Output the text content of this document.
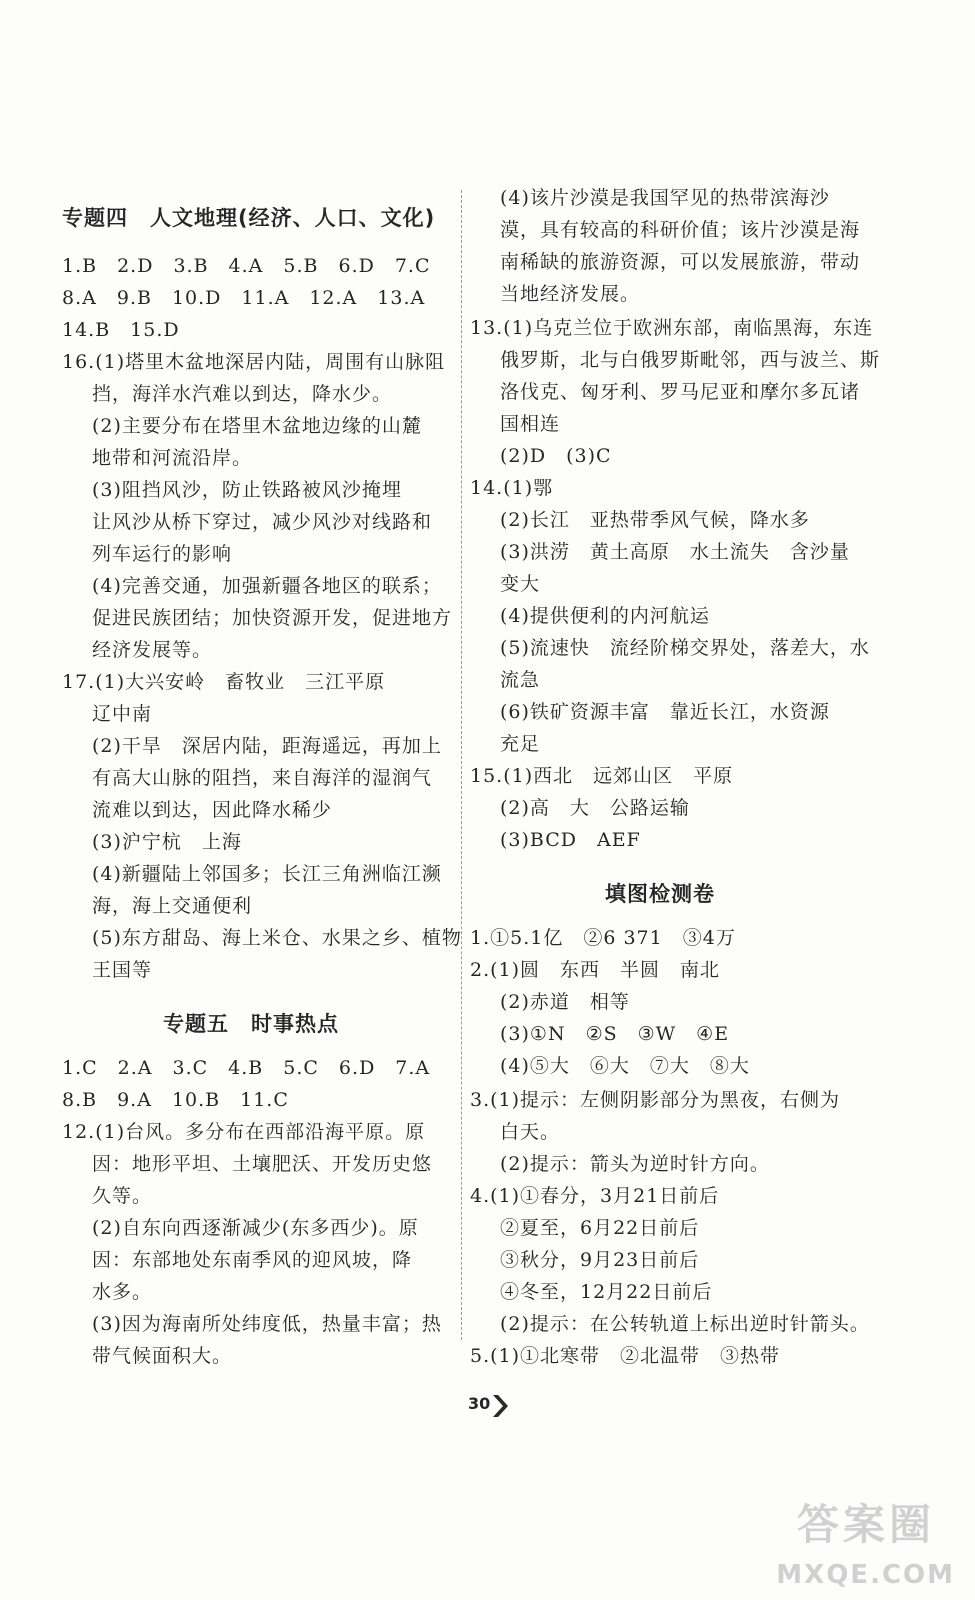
专题四　人文地理(经济、人口、文化)
1.B　2.D　3.B　4.A　5.B　6.D　7.C
8.A　9.B　10.D　11.A　12.A　13.A
14.B　15.D
16.(1)塔里木盆地深居内陆，周围有山脉阻
挡，海洋水汽难以到达，降水少。
(2)主要分布在塔里木盆地边缘的山麓
地带和河流沿岸。
(3)阻挡风沙，防止铁路被风沙掩埋
让风沙从桥下穿过，减少风沙对线路和
列车运行的影响
(4)完善交通，加强新疆各地区的联系；
促进民族团结；加快资源开发，促进地方
经济发展等。
17.(1)大兴安岭　畜牧业　三江平原
辽中南
(2)干旱　深居内陆，距海遥远，再加上
有高大山脉的阻挡，来自海洋的湿润气
流难以到达，因此降水稀少
(3)沪宁杭　上海
(4)新疆陆上邻国多；长江三角洲临江濒
海，海上交通便利
(5)东方甜岛、海上米仓、水果之乡、植物
王国等
专题五　时事热点
1.C　2.A　3.C　4.B　5.C　6.D　7.A
8.B　9.A　10.B　11.C
12.(1)台风。多分布在西部沿海平原。原
因：地形平坦、土壤肥沃、开发历史悠
久等。
(2)自东向西逐渐减少(东多西少)。原
因：东部地处东南季风的迎风坡，降
水多。
(3)因为海南所处纬度低，热量丰富；热
带气候面积大。
(4)该片沙漠是我国罕见的热带滨海沙
漠，具有较高的科研价值；该片沙漠是海
南稀缺的旅游资源，可以发展旅游，带动
当地经济发展。
13.(1)乌克兰位于欧洲东部，南临黑海，东连
俄罗斯，北与白俄罗斯毗邻，西与波兰、斯
洛伐克、匈牙利、罗马尼亚和摩尔多瓦诸
国相连
(2)D　(3)C
14.(1)鄂
(2)长江　亚热带季风气候，降水多
(3)洪涝　黄土高原　水土流失　含沙量
变大
(4)提供便利的内河航运
(5)流速快　流经阶梯交界处，落差大，水
流急
(6)铁矿资源丰富　靠近长江，水资源
充足
15.(1)西北　远郊山区　平原
(2)高　大　公路运输
(3)BCD　AEF
填图检测卷
1.①5.1亿　②6 371　③4万
2.(1)圆　东西　半圆　南北
(2)赤道　相等
(3)①N　②S　③W　④E
(4)⑤大　⑥大　⑦大　⑧大
3.(1)提示：左侧阴影部分为黑夜，右侧为
白天。
(2)提示：箭头为逆时针方向。
4.(1)①春分，3月21日前后
②夏至，6月22日前后
③秋分，9月23日前后
④冬至，12月22日前后
(2)提示：在公转轨道上标出逆时针箭头。
5.(1)①北寒带　②北温带　③热带
30
答案圈
MXQE.COM
